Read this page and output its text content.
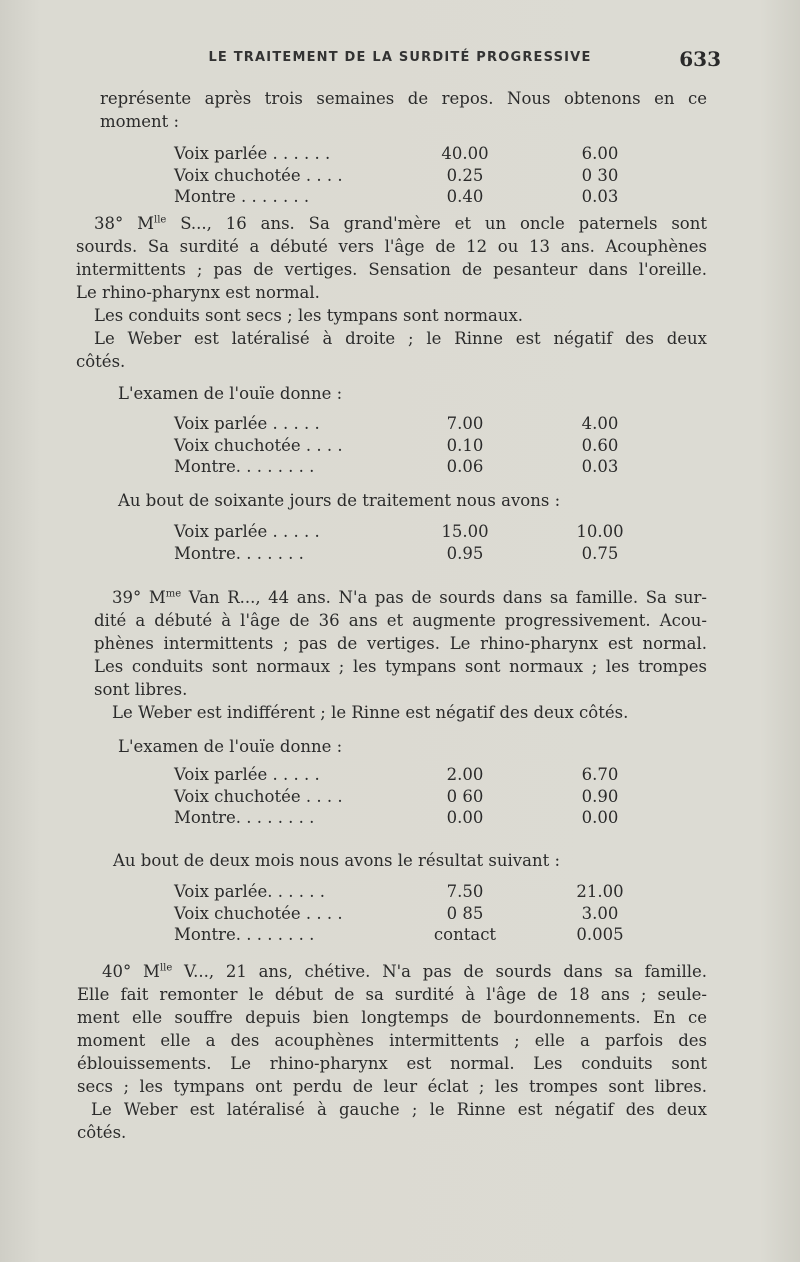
LE TRAITEMENT DE LA SURDITÉ PROGRESSIVE	633
représente après trois semaines de repos. Nous obtenons en ce
moment :
Voix parlée . . . . . .	40.00	6.00
Voix chuchotée . . . .	0.25	0 30
Montre . . . . . . .	0.40	0.03
38° $M^{lle}$ S..., 16 ans. Sa grand'mère et un oncle paternels sont
sourds. Sa surdité a débuté vers l'âge de 12 ou 13 ans. Acouphènes
intermittents ; pas de vertiges. Sensation de pesanteur dans l'oreille.
Le rhino-pharynx est normal.
Les conduits sont secs ; les tympans sont normaux.
Le Weber est latéralisé à droite ; le Rinne est négatif des deux
côtés.
L'examen de l'ouïe donne :
Voix parlée . . . . .	7.00	4.00
Voix chuchotée . . . .	0.10	0.60
Montre. . . . . . . .	0.06	0.03
Au bout de soixante jours de traitement nous avons :
Voix parlée . . . . .	15.00	10.00
Montre. . . . . . .	0.95	0.75
39° $M^{me}$ Van R..., 44 ans. N'a pas de sourds dans sa famille. Sa sur-
dité a débuté à l'âge de 36 ans et augmente progressivement. Acou-
phènes intermittents ; pas de vertiges. Le rhino-pharynx est normal.
Les conduits sont normaux ; les tympans sont normaux ; les trompes
sont libres.
Le Weber est indifférent ; le Rinne est négatif des deux côtés.
L'examen de l'ouïe donne :
Voix parlée . . . . .	2.00	6.70
Voix chuchotée . . . .	0 60	0.90
Montre. . . . . . . .	0.00	0.00
Au bout de deux mois nous avons le résultat suivant :
Voix parlée. . . . . .	7.50	21.00
Voix chuchotée . . . .	0 85	3.00
Montre. . . . . . . .	contact	0.005
40° $M^{lle}$ V..., 21 ans, chétive. N'a pas de sourds dans sa famille.
Elle fait remonter le début de sa surdité à l'âge de 18 ans ; seule-
ment elle souffre depuis bien longtemps de bourdonnements. En ce
moment elle a des acouphènes intermittents ; elle a parfois des
éblouissements. Le rhino-pharynx est normal. Les conduits sont
secs ; les tympans ont perdu de leur éclat ; les trompes sont libres.
Le Weber est latéralisé à gauche ; le Rinne est négatif des deux
côtés.
